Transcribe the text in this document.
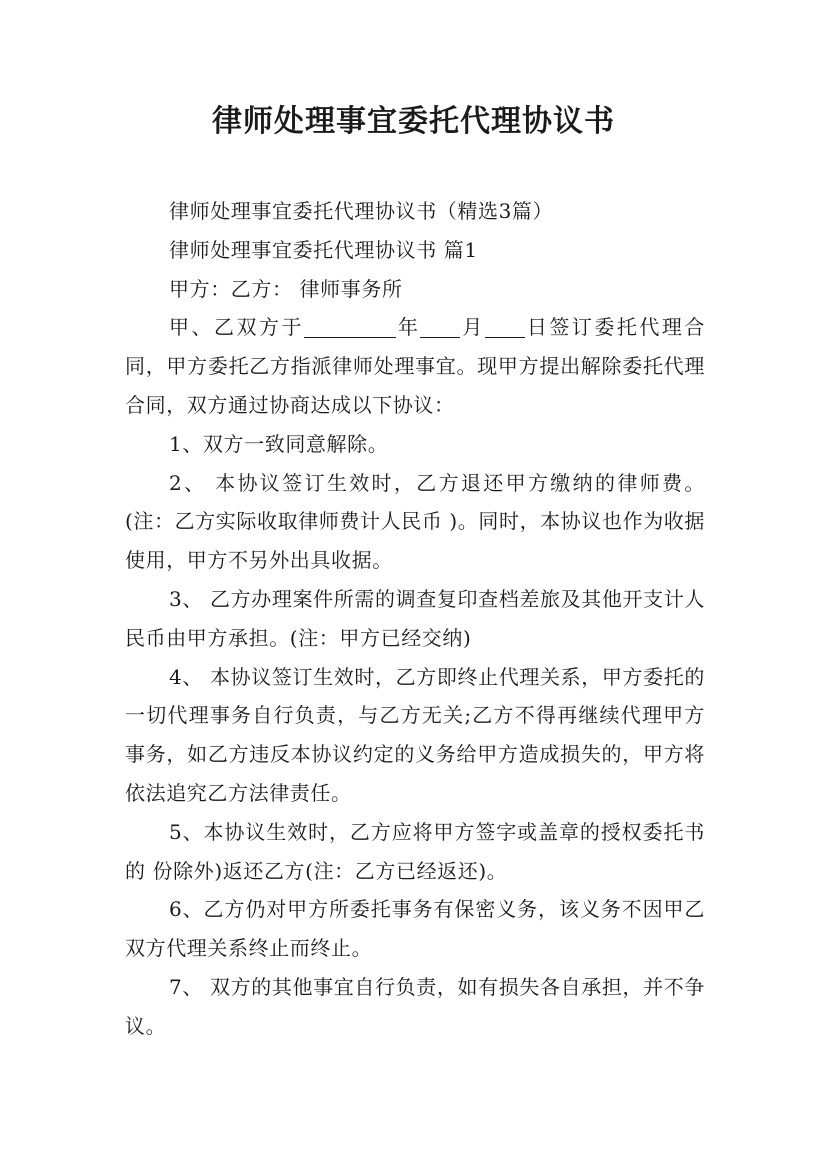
律师处理事宜委托代理协议书

律师处理事宜委托代理协议书（精选3篇）

律师处理事宜委托代理协议书 篇1

甲方：乙方： 律师事务所

甲、乙双方于	年 月 日签订委托代理合同，甲方委托乙方指派律师处理事宜。现甲方提出解除委托代理合同，双方通过协商达成以下协议：

1、双方一致同意解除。

2、 本协议签订生效时，乙方退还甲方缴纳的律师费。(注：乙方实际收取律师费计人民币 )。同时，本协议也作为收据使用，甲方不另外出具收据。

3、 乙方办理案件所需的调查复印查档差旅及其他开支计人民币由甲方承担。(注：甲方已经交纳)

4、 本协议签订生效时，乙方即终止代理关系，甲方委托的一切代理事务自行负责，与乙方无关;乙方不得再继续代理甲方事务，如乙方违反本协议约定的义务给甲方造成损失的，甲方将依法追究乙方法律责任。

5、本协议生效时，乙方应将甲方签字或盖章的授权委托书的 份除外)返还乙方(注：乙方已经返还)。

6、乙方仍对甲方所委托事务有保密义务，该义务不因甲乙双方代理关系终止而终止。

7、 双方的其他事宜自行负责，如有损失各自承担，并不争议。
